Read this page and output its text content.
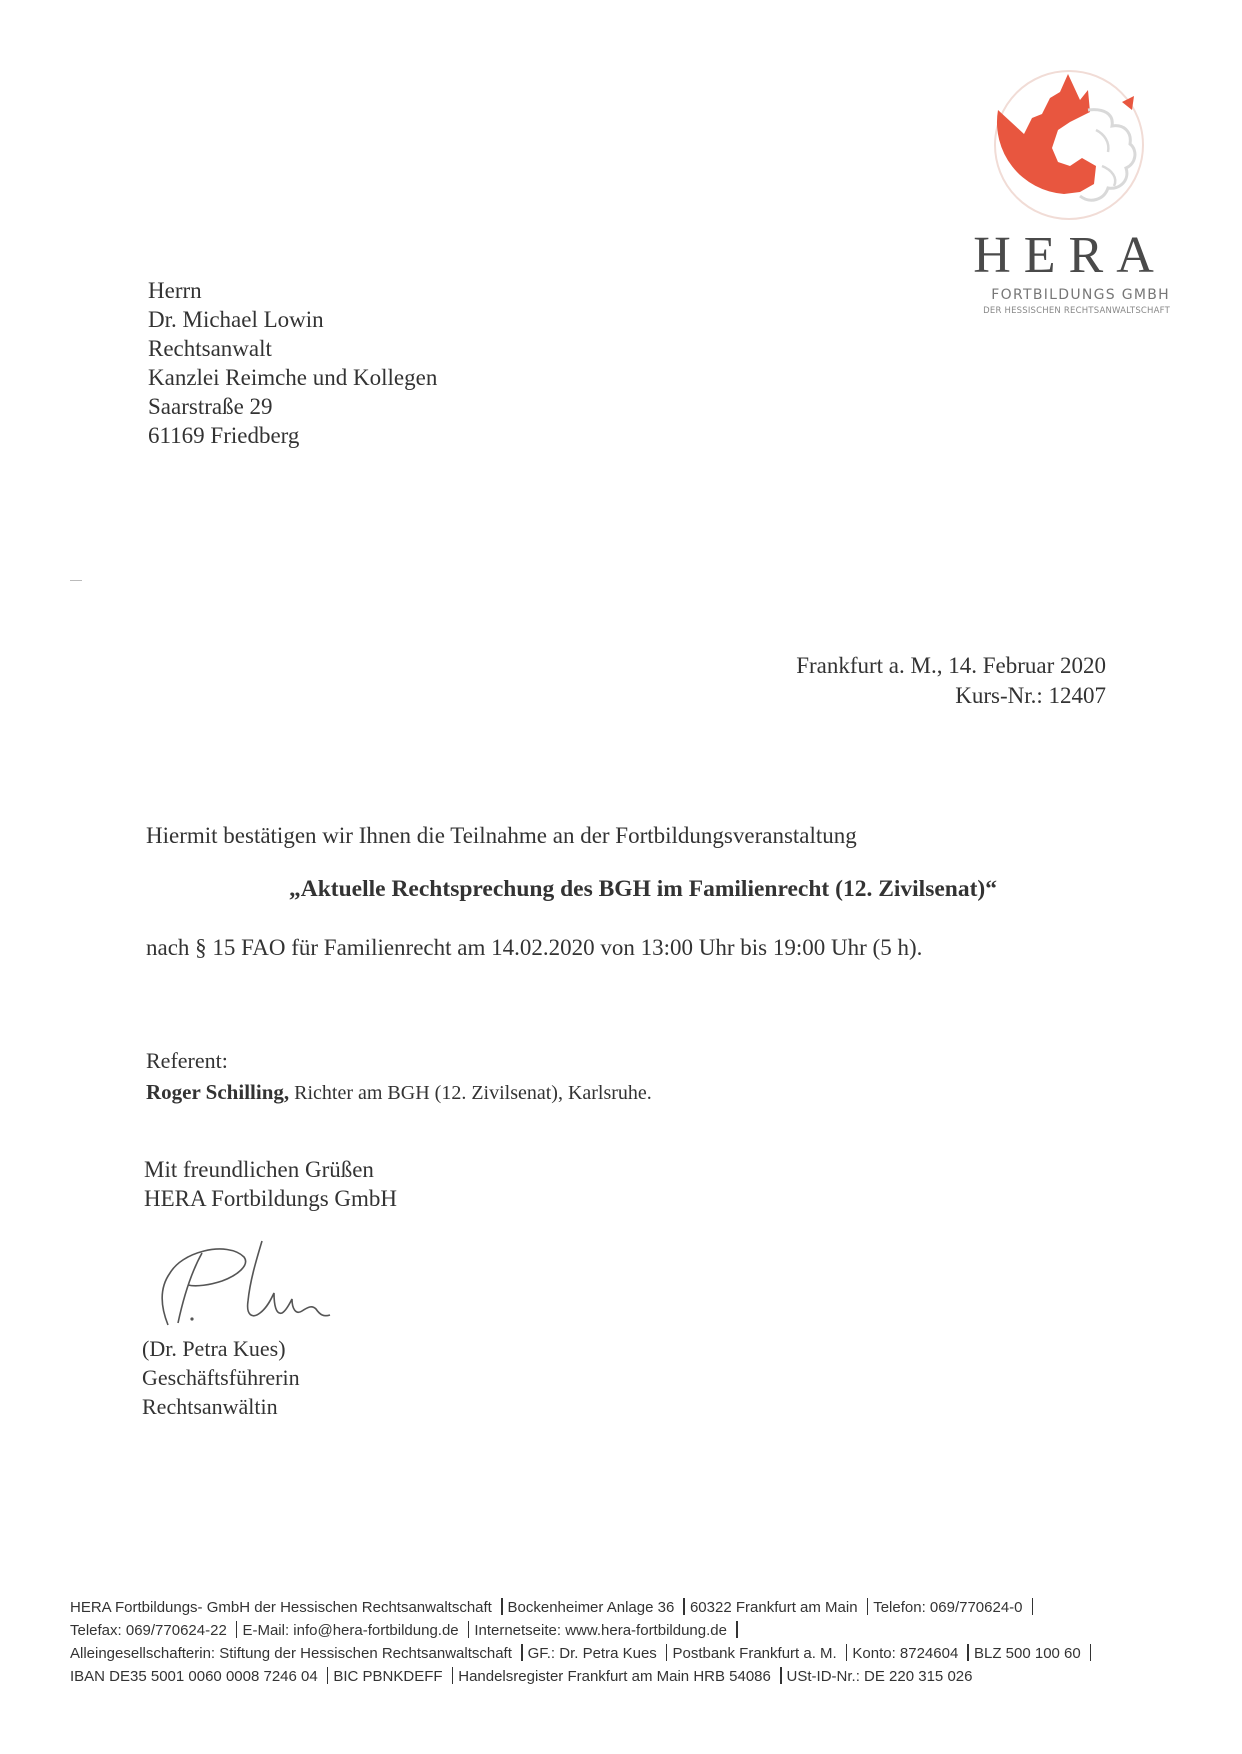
HERA
FORTBILDUNGS GMBH
DER HESSISCHEN RECHTSANWALTSCHAFT
Herrn
Dr. Michael Lowin
Rechtsanwalt
Kanzlei Reimche und Kollegen
Saarstraße 29
61169 Friedberg
Frankfurt a. M., 14. Februar 2020
Kurs-Nr.: 12407
Hiermit bestätigen wir Ihnen die Teilnahme an der Fortbildungsveranstaltung
„Aktuelle Rechtsprechung des BGH im Familienrecht (12. Zivilsenat)“
nach § 15 FAO für Familienrecht am 14.02.2020 von 13:00 Uhr bis 19:00 Uhr (5 h).
Referent:
Roger Schilling, Richter am BGH (12. Zivilsenat), Karlsruhe.
Mit freundlichen Grüßen
HERA Fortbildungs GmbH
(Dr. Petra Kues)
Geschäftsführerin
Rechtsanwältin
HERA Fortbildungs- GmbH der Hessischen Rechtsanwaltschaft Bockenheimer Anlage 36 60322 Frankfurt am Main Telefon: 069/770624-0 Telefax: 069/770624-22 E-Mail: info@hera-fortbildung.de Internetseite: www.hera-fortbildung.de Alleingesellschafterin: Stiftung der Hessischen Rechtsanwaltschaft GF.: Dr. Petra Kues Postbank Frankfurt a. M. Konto: 8724604 BLZ 500 100 60 IBAN DE35 5001 0060 0008 7246 04 BIC PBNKDEFF Handelsregister Frankfurt am Main HRB 54086 USt-ID-Nr.: DE 220 315 026
